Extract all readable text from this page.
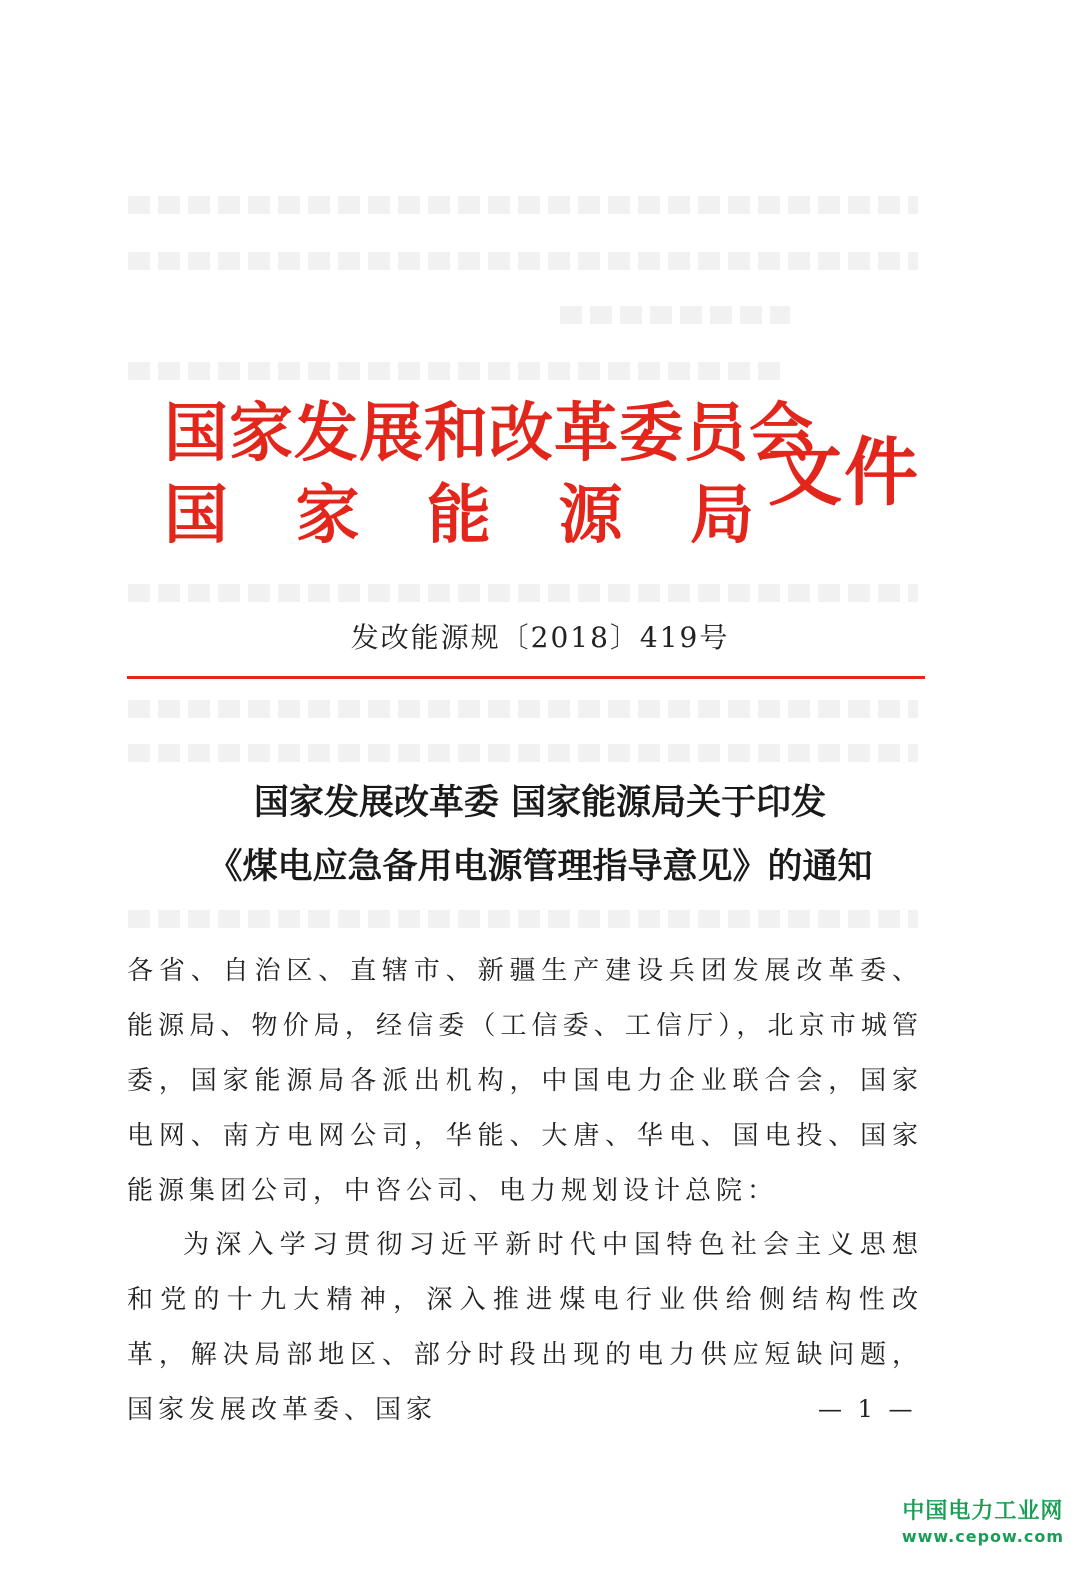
国家发展和改革委员会
国 家 能 源 局 文件
发改能源规〔2018〕419号
国家发展改革委 国家能源局关于印发
《煤电应急备用电源管理指导意见》的通知
各省、自治区、直辖市、新疆生产建设兵团发展改革委、能源局、物价局，经信委（工信委、工信厅），北京市城管委，国家能源局各派出机构，中国电力企业联合会，国家电网、南方电网公司，华能、大唐、华电、国电投、国家能源集团公司，中咨公司、电力规划设计总院：
为深入学习贯彻习近平新时代中国特色社会主义思想和党的十九大精神，深入推进煤电行业供给侧结构性改革，解决局部地区、部分时段出现的电力供应短缺问题，国家发展改革委、国家	— 1 —
中国电力工业网
www.cepow.com
